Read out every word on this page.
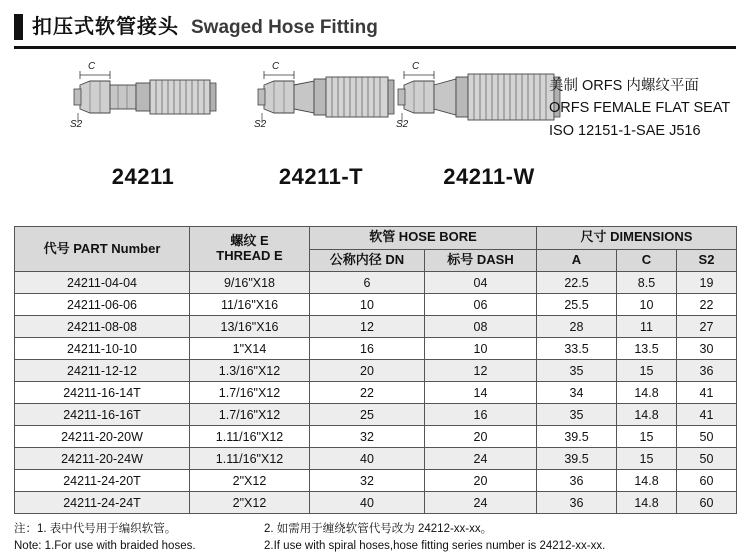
扣压式软管接头 Swaged Hose Fitting
C
S2
24211
C
S2
24211-T
C
S2
24211-W
美制 ORFS 内螺纹平面
ORFS FEMALE FLAT SEAT
ISO 12151-1-SAE J516
代号 PART Number	螺纹 E
THREAD E	软管 HOSE BORE		尺寸 DIMENSIONS		
		公称内径 DN	标号 DASH	A	C	S2
24211-04-04	9/16"X18	6	04	22.5	8.5	19
24211-06-06	11/16"X16	10	06	25.5	10	22
24211-08-08	13/16"X16	12	08	28	11	27
24211-10-10	1"X14	16	10	33.5	13.5	30
24211-12-12	1.3/16"X12	20	12	35	15	36
24211-16-14T	1.7/16"X12	22	14	34	14.8	41
24211-16-16T	1.7/16"X12	25	16	35	14.8	41
24211-20-20W	1.11/16"X12	32	20	39.5	15	50
24211-20-24W	1.11/16"X12	40	24	39.5	15	50
24211-24-20T	2"X12	32	20	36	14.8	60
24211-24-24T	2"X12	40	24	36	14.8	60
注：1. 表中代号用于编织软管。	2. 如需用于缠绕软管代号改为 24212-xx-xx。
Note: 1.For use with braided hoses.	2.If use with spiral hoses,hose fitting series number is 24212-xx-xx.
